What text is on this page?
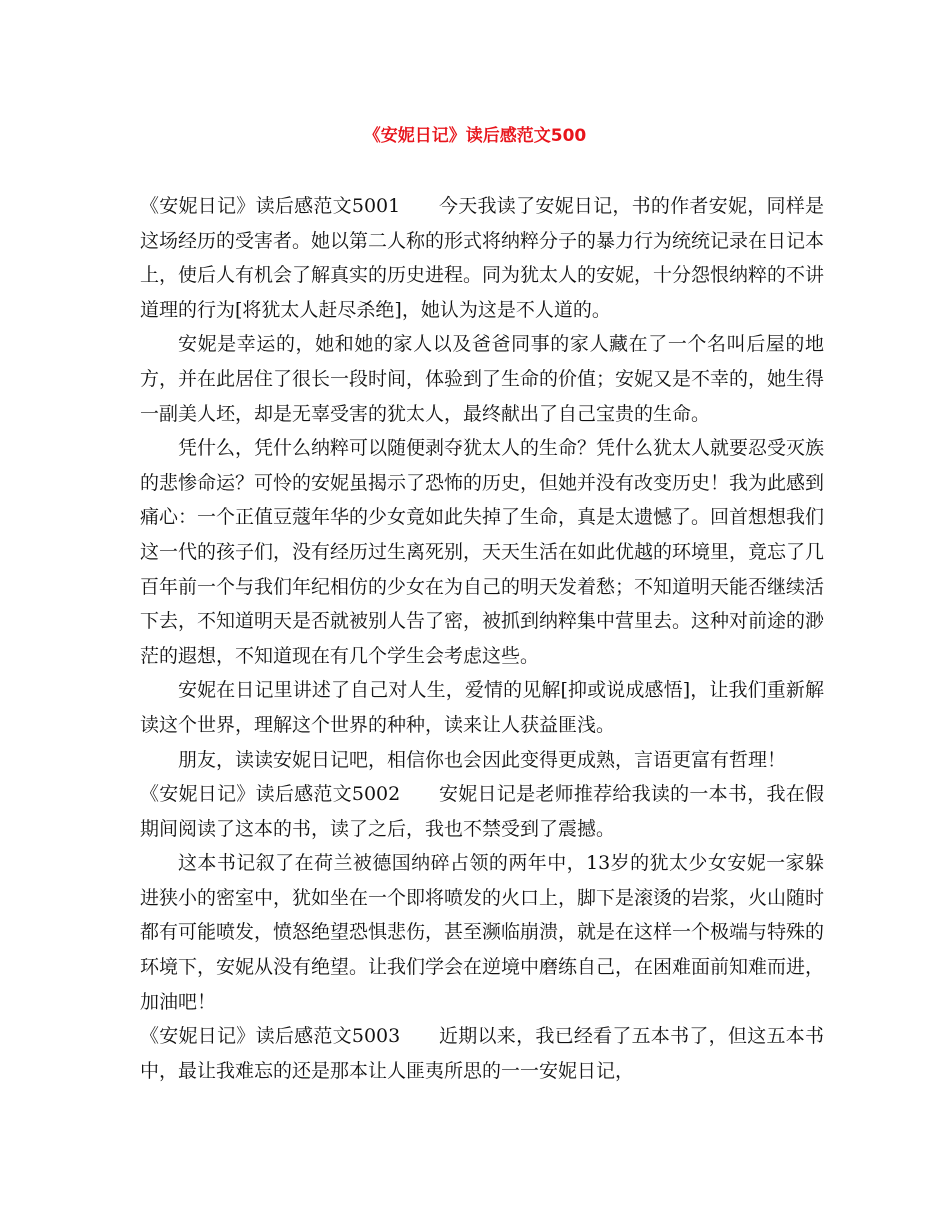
《安妮日记》读后感范文500

《安妮日记》读后感范文5001　　今天我读了安妮日记，书的作者安妮，同样是这场经历的受害者。她以第二人称的形式将纳粹分子的暴力行为统统记录在日记本上，使后人有机会了解真实的历史进程。同为犹太人的安妮，十分怨恨纳粹的不讲道理的行为[将犹太人赶尽杀绝]，她认为这是不人道的。

安妮是幸运的，她和她的家人以及爸爸同事的家人藏在了一个名叫后屋的地方，并在此居住了很长一段时间，体验到了生命的价值；安妮又是不幸的，她生得一副美人坯，却是无辜受害的犹太人，最终献出了自己宝贵的生命。

凭什么，凭什么纳粹可以随便剥夺犹太人的生命？凭什么犹太人就要忍受灭族的悲惨命运？可怜的安妮虽揭示了恐怖的历史，但她并没有改变历史！我为此感到痛心：一个正值豆蔻年华的少女竟如此失掉了生命，真是太遗憾了。回首想想我们这一代的孩子们，没有经历过生离死别，天天生活在如此优越的环境里，竟忘了几百年前一个与我们年纪相仿的少女在为自己的明天发着愁；不知道明天能否继续活下去，不知道明天是否就被别人告了密，被抓到纳粹集中营里去。这种对前途的渺茫的遐想，不知道现在有几个学生会考虑这些。

安妮在日记里讲述了自己对人生，爱情的见解[抑或说成感悟]，让我们重新解读这个世界，理解这个世界的种种，读来让人获益匪浅。

朋友，读读安妮日记吧，相信你也会因此变得更成熟，言语更富有哲理！

《安妮日记》读后感范文5002　　安妮日记是老师推荐给我读的一本书，我在假期间阅读了这本的书，读了之后，我也不禁受到了震撼。

这本书记叙了在荷兰被德国纳碎占领的两年中，13岁的犹太少女安妮一家躲进狭小的密室中，犹如坐在一个即将喷发的火口上，脚下是滚烫的岩浆，火山随时都有可能喷发，愤怒绝望恐惧悲伤，甚至濒临崩溃，就是在这样一个极端与特殊的环境下，安妮从没有绝望。让我们学会在逆境中磨练自己，在困难面前知难而进，加油吧！

《安妮日记》读后感范文5003　　近期以来，我已经看了五本书了，但这五本书中，最让我难忘的还是那本让人匪夷所思的一一安妮日记，
